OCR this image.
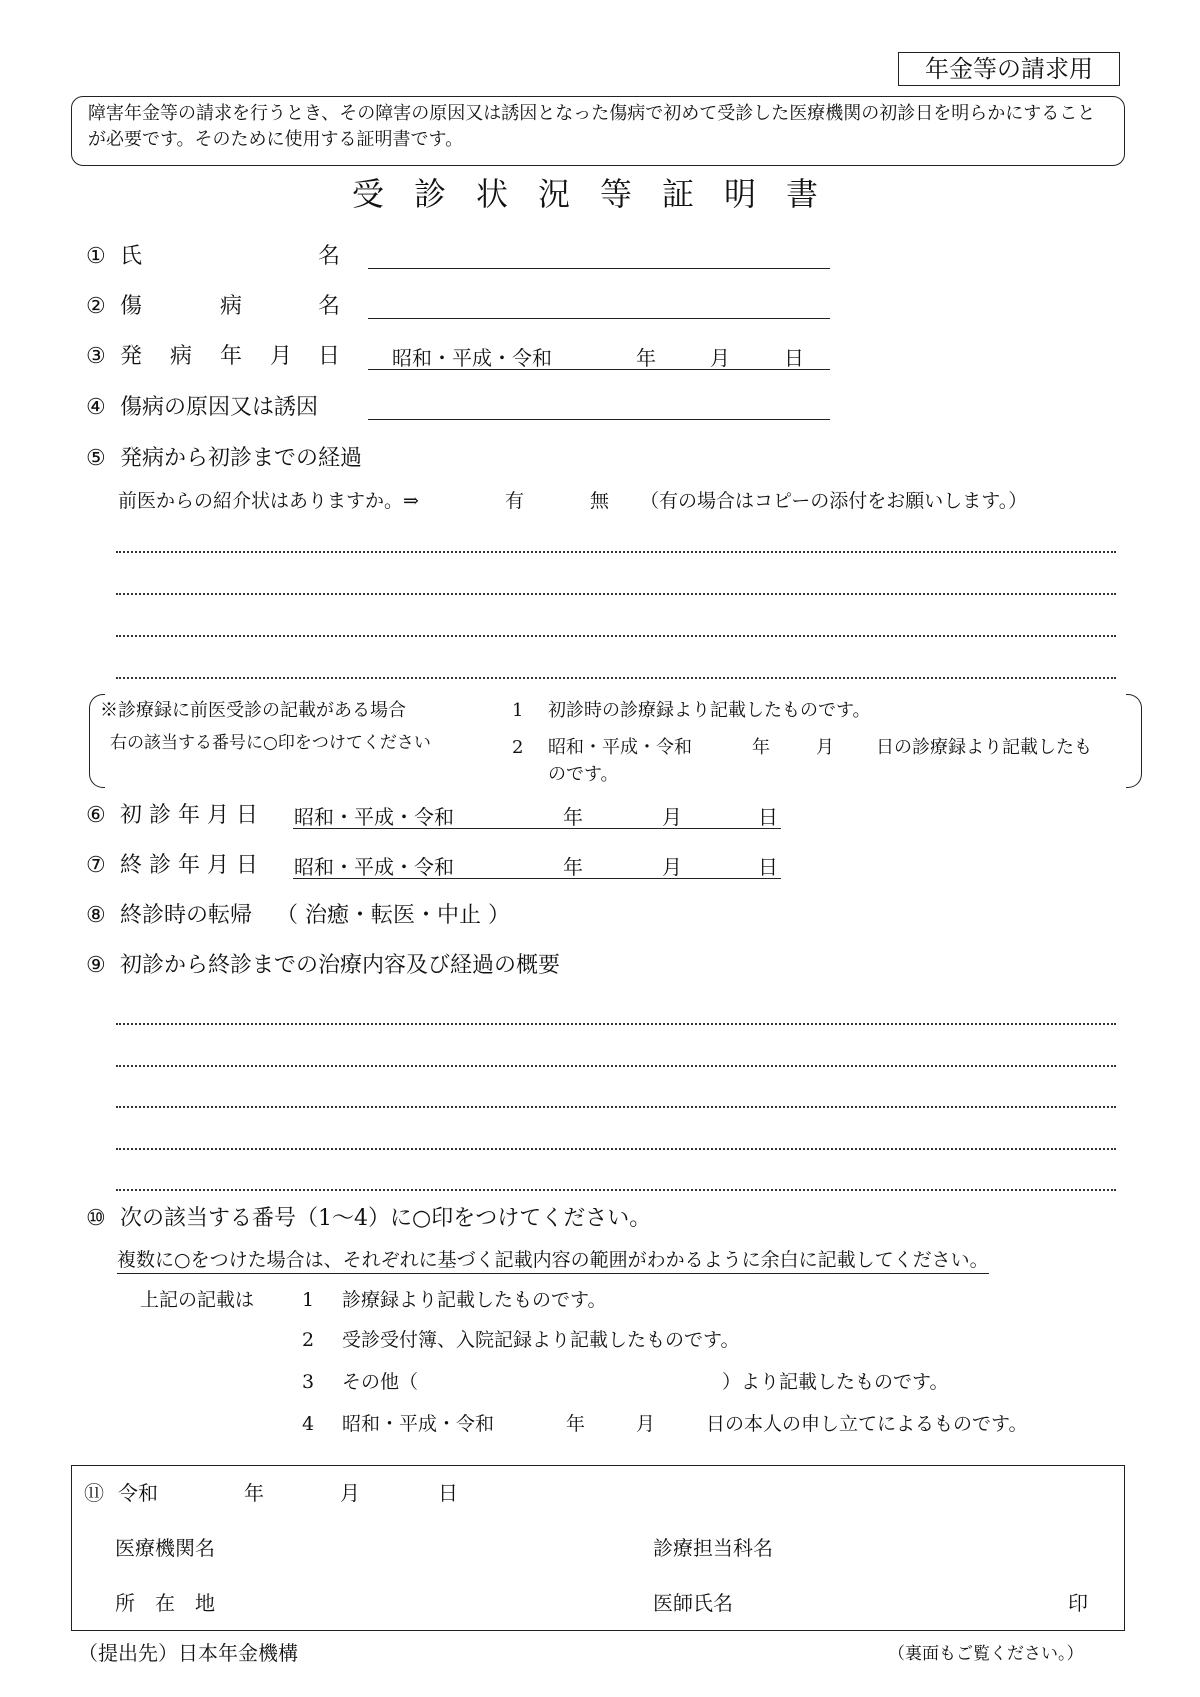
年金等の請求用
障害年金等の請求を行うとき、その障害の原因又は誘因となった傷病で初めて受診した医療機関の初診日を明らかにすることが必要です。そのために使用する証明書です。
受診状況等証明書
① 氏	名
② 傷	病	名
③ 発 病 年 月 日	昭和・平成・令和	年	月	日
④ 傷病の原因又は誘因
⑤ 発病から初診までの経過
前医からの紹介状はありますか。⇒	有	無 （有の場合はコピーの添付をお願いします。）
※診療録に前医受診の記載がある場合
右の該当する番号に○印をつけてください
1 初診時の診療録より記載したものです。
2 昭和・平成・令和	年	月 日の診療録より記載したも
のです。
⑥ 初 診 年 月 日 昭和・平成・令和	年	月	日
⑦ 終 診 年 月 日 昭和・平成・令和	年	月	日
⑧ 終診時の転帰 （ 治癒・転医・中止 ）
⑨ 初診から終診までの治療内容及び経過の概要
⑩ 次の該当する番号（1～4）に○印をつけてください。
複数に○をつけた場合は、それぞれに基づく記載内容の範囲がわかるように余白に記載してください。
上記の記載は	1 診療録より記載したものです。
2 受診受付簿、入院記録より記載したものです。
3 その他（	）より記載したものです。
4 昭和・平成・令和	年	月	日の本人の申し立てによるものです。
⑪ 令和	年	月	日
医療機関名	診療担当科名
所　在　地	医師氏名	印
（提出先）日本年金機構	（裏面もご覧ください。）
